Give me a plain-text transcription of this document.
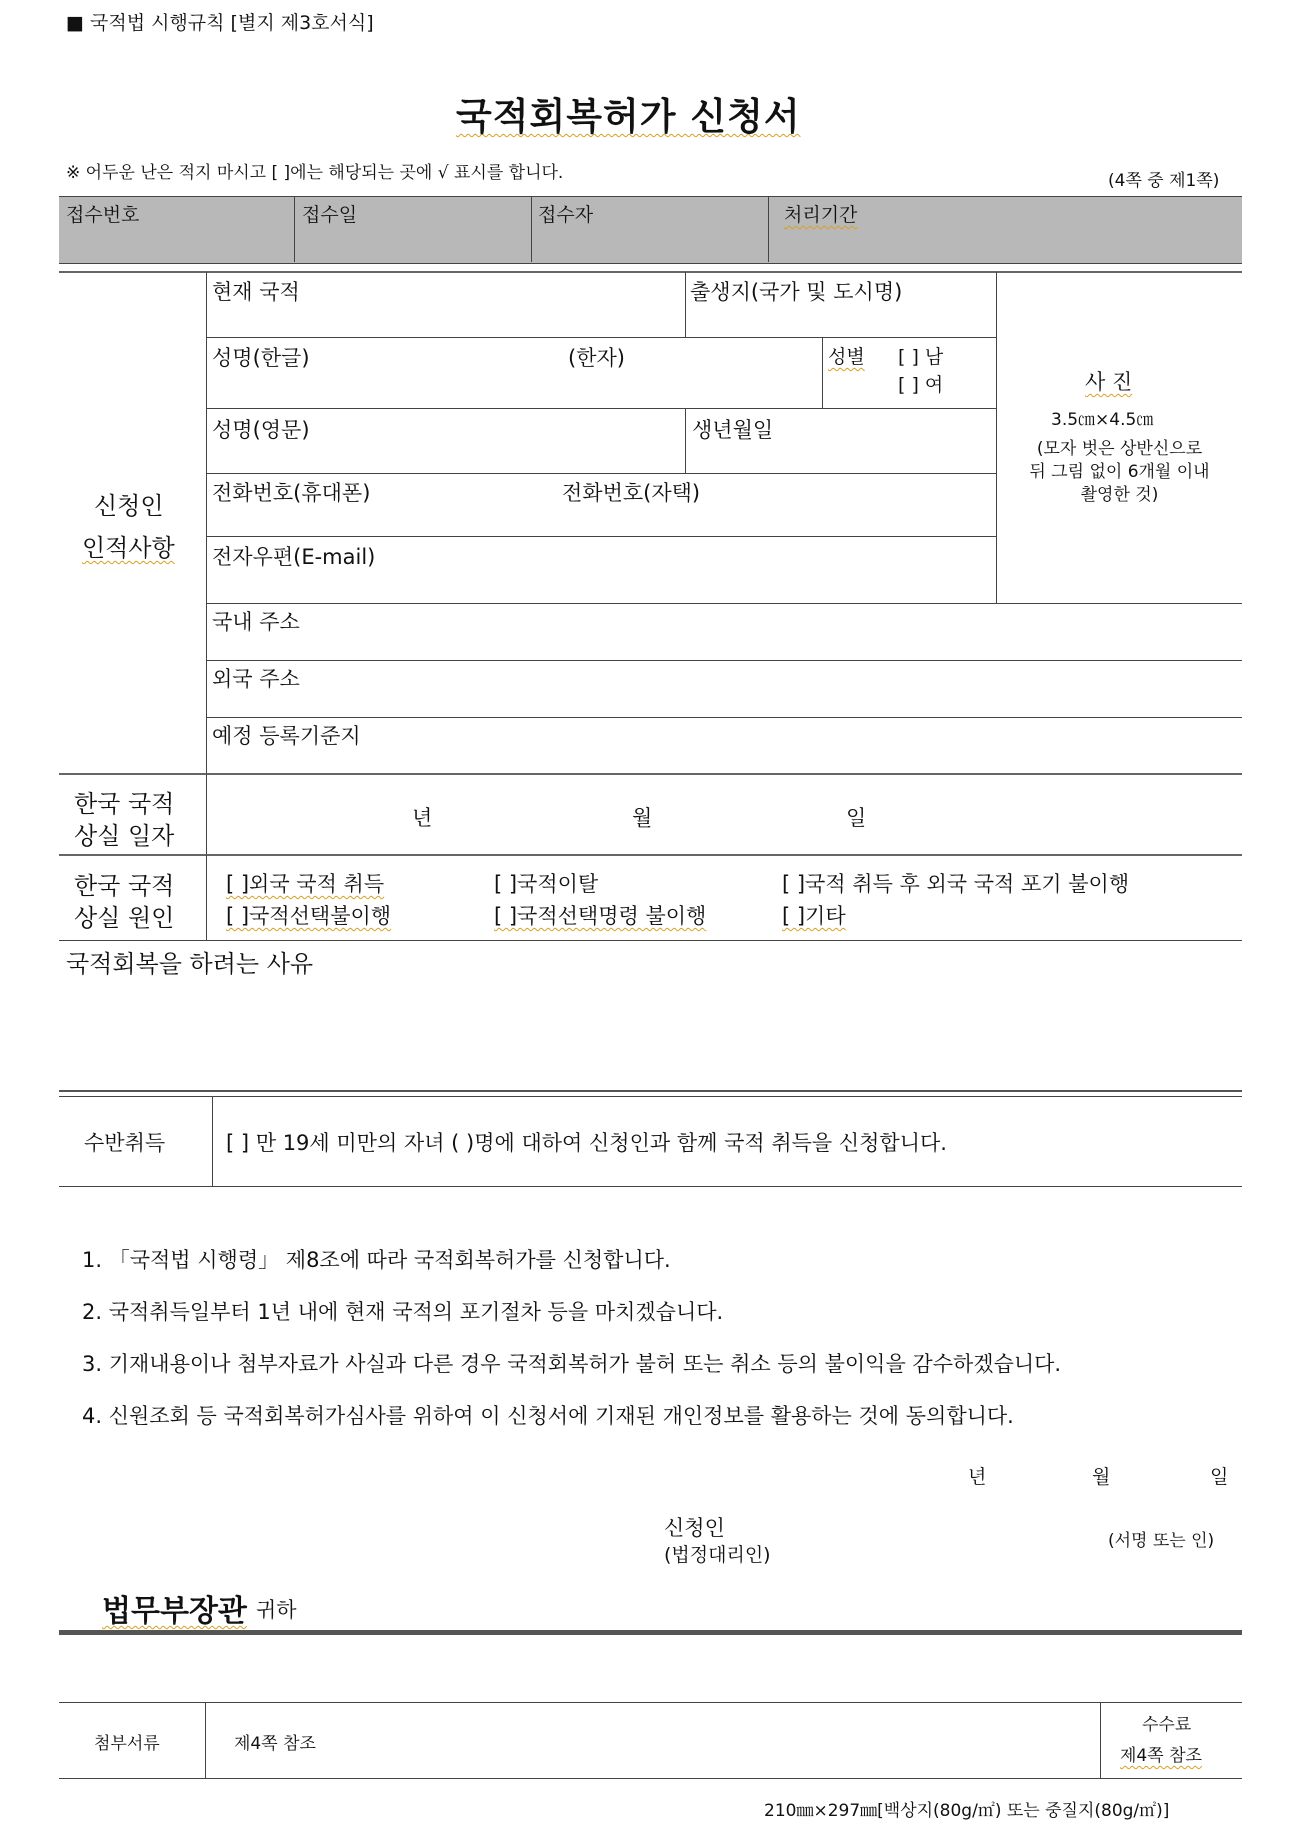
■ 국적법 시행규칙 [별지 제3호서식]
국적회복허가 신청서
※ 어두운 난은 적지 마시고 [ ]에는 해당되는 곳에 √ 표시를 합니다.	(4쪽 중 제1쪽)
접수번호	접수일	접수자	처리기간
신청인
인적사항
현재 국적	출생지(국가 및 도시명)
성명(한글)	(한자)	성별 [ ] 남
[ ] 여
성명(영문)	생년월일
전화번호(휴대폰)	전화번호(자택)
전자우편(E-mail)
국내 주소
외국 주소
예정 등록기준지
사 진
3.5㎝×4.5㎝
(모자 벗은 상반신으로
뒤 그림 없이 6개월 이내
촬영한 것)
한국 국적
상실 일자
년	월	일
한국 국적
상실 원인
[ ]외국 국적 취득	[ ]국적이탈	[ ]국적 취득 후 외국 국적 포기 불이행
[ ]국적선택불이행	[ ]국적선택명령 불이행	[ ]기타
국적회복을 하려는 사유
수반취득	[ ] 만 19세 미만의 자녀 ( )명에 대하여 신청인과 함께 국적 취득을 신청합니다.
1. 「국적법 시행령」 제8조에 따라 국적회복허가를 신청합니다.
2. 국적취득일부터 1년 내에 현재 국적의 포기절차 등을 마치겠습니다.
3. 기재내용이나 첨부자료가 사실과 다른 경우 국적회복허가 불허 또는 취소 등의 불이익을 감수하겠습니다.
4. 신원조회 등 국적회복허가심사를 위하여 이 신청서에 기재된 개인정보를 활용하는 것에 동의합니다.
년	월	일
신청인
(법정대리인)
(서명 또는 인)
법무부장관 귀하
첨부서류	제4쪽 참조
수수료
제4쪽 참조
210㎜×297㎜[백상지(80g/㎡) 또는 중질지(80g/㎡)]
